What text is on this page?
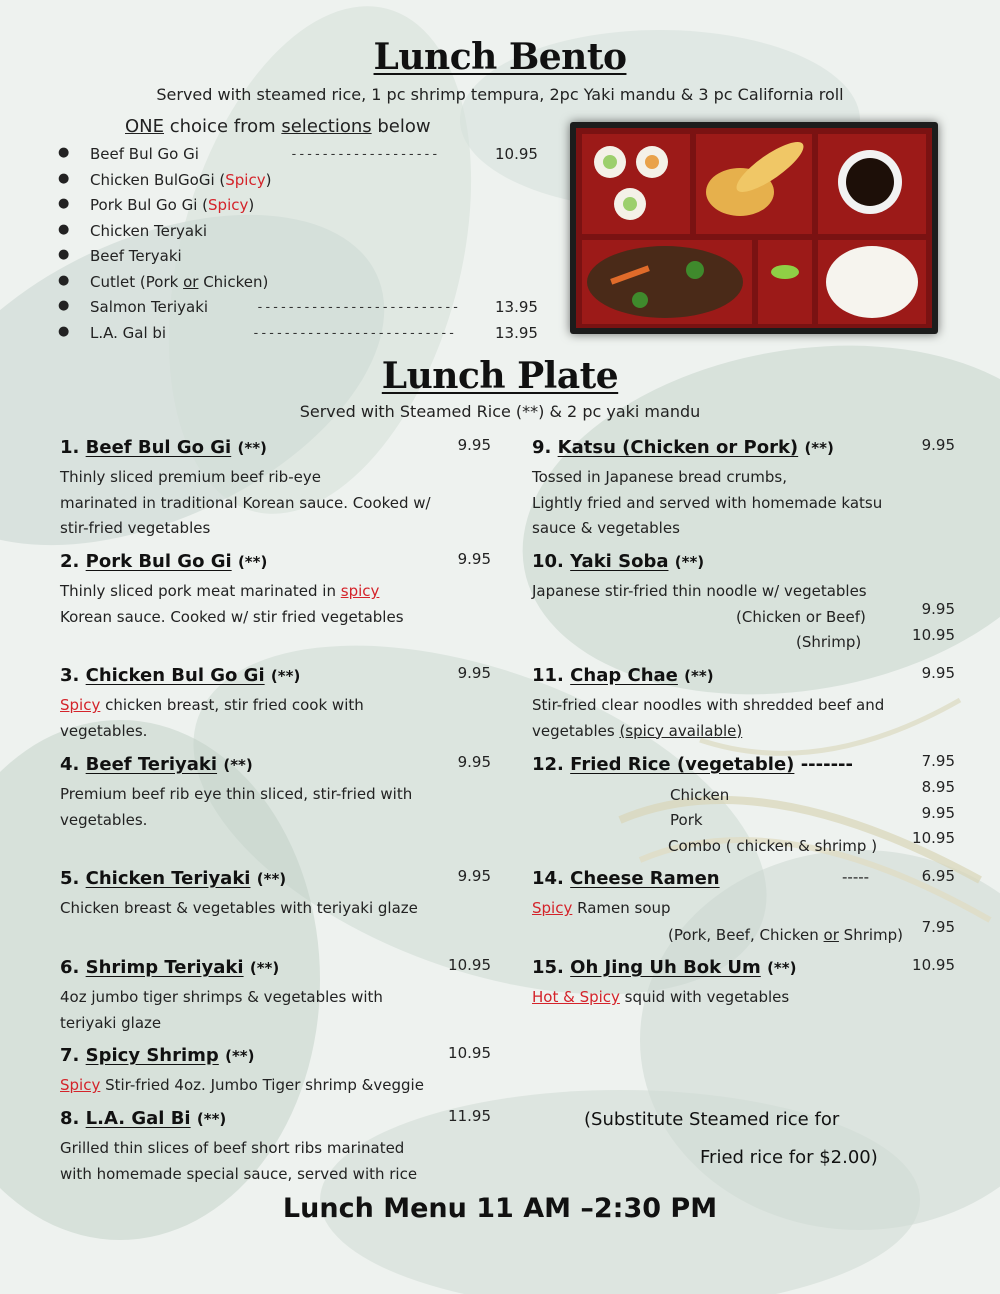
Lunch Bento
Served with steamed rice, 1 pc shrimp tempura, 2pc Yaki mandu & 3 pc California roll
ONE choice from selections below
● Beef Bul Go Gi	-------------------	10.95
● Chicken BulGoGi (Spicy)
● Pork Bul Go Gi (Spicy)
● Chicken Teryaki
● Beef Teryaki
● Cutlet (Pork or Chicken)
● Salmon Teriyaki	-------------------------- 13.95
● L.A. Gal bi	--------------------------	13.95
Lunch Plate
Served with Steamed Rice (**) & 2 pc yaki mandu
1. Beef Bul Go Gi (**)	9.95
Thinly sliced premium beef rib-eye
marinated in traditional Korean sauce. Cooked w/
stir-fried vegetables
2. Pork Bul Go Gi (**)	9.95
Thinly sliced pork meat marinated in spicy
Korean sauce. Cooked w/ stir fried vegetables
3. Chicken Bul Go Gi (**)	9.95
Spicy chicken breast, stir fried cook with
vegetables.
4. Beef Teriyaki (**)	9.95
Premium beef rib eye thin sliced, stir-fried with
vegetables.
5. Chicken Teriyaki (**)	9.95
Chicken breast & vegetables with teriyaki glaze
6. Shrimp Teriyaki (**)	10.95
4oz jumbo tiger shrimps & vegetables with
teriyaki glaze
7. Spicy Shrimp (**)	10.95
Spicy Stir-fried 4oz. Jumbo Tiger shrimp &veggie
8. L.A. Gal Bi (**)	11.95
Grilled thin slices of beef short ribs marinated
with homemade special sauce, served with rice
9. Katsu (Chicken or Pork) (**)	9.95
Tossed in Japanese bread crumbs,
Lightly fried and served with homemade katsu
sauce & vegetables
10. Yaki Soba (**)
Japanese stir-fried thin noodle w/ vegetables
(Chicken or Beef)	9.95
(Shrimp)	10.95
11. Chap Chae (**)	9.95
Stir-fried clear noodles with shredded beef and
vegetables (spicy available)
12. Fried Rice (vegetable) -------	7.95
Chicken	8.95
Pork	9.95
Combo ( chicken & shrimp )	10.95
14. Cheese Ramen	-----	6.95
Spicy Ramen soup
(Pork, Beef, Chicken or Shrimp)	7.95
15. Oh Jing Uh Bok Um (**)	10.95
Hot & Spicy squid with vegetables
(Substitute Steamed rice for
Fried rice for $2.00)
Lunch Menu 11 AM –2:30 PM
